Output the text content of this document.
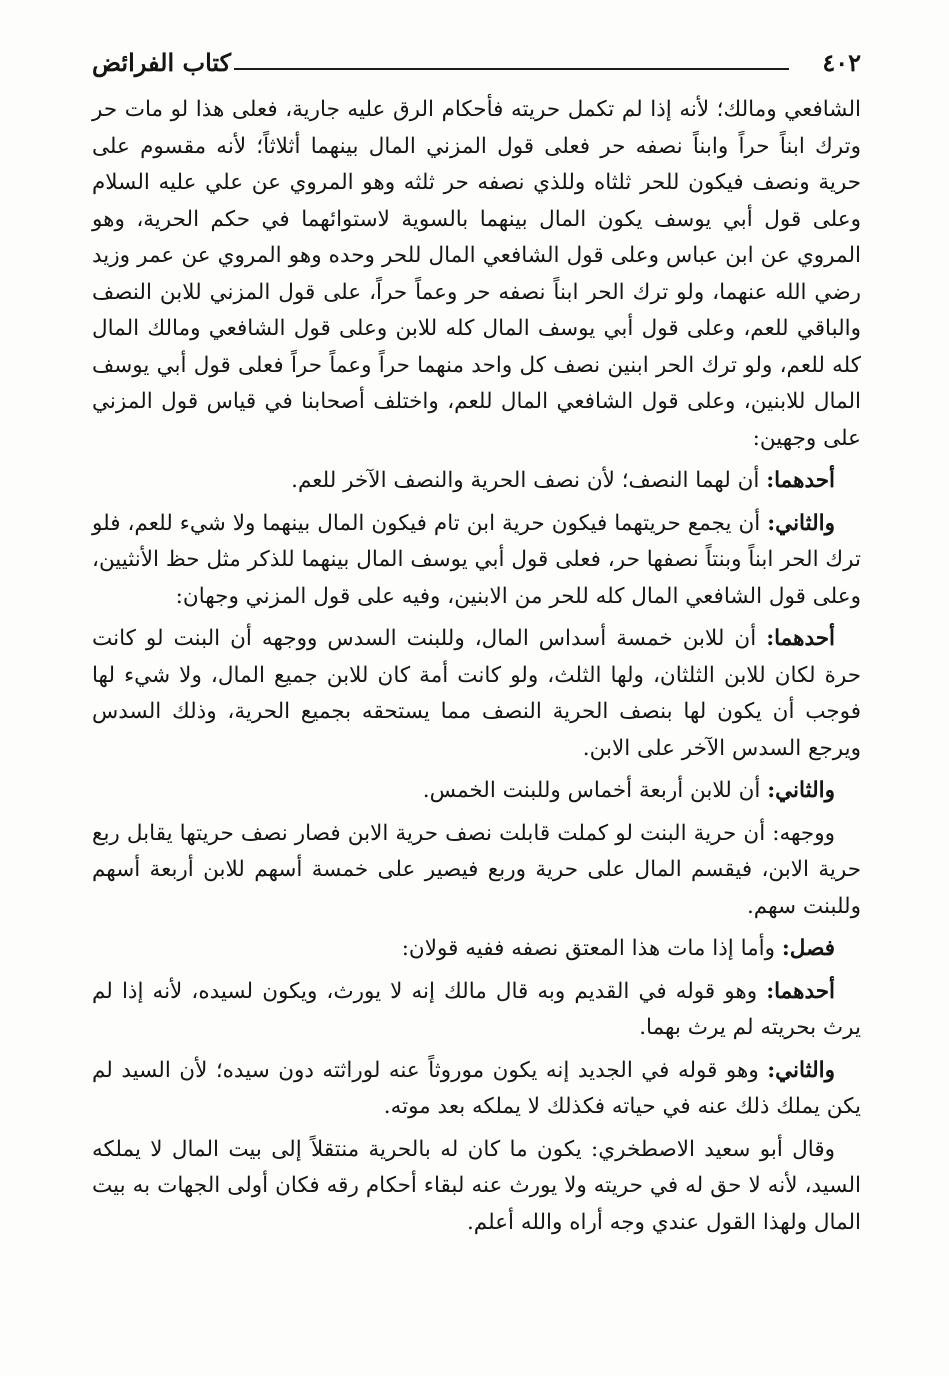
٤٠٢
كتاب الفرائض

الشافعي ومالك؛ لأنه إذا لم تكمل حريته فأحكام الرق عليه جارية، فعلى هذا لو مات حر وترك ابناً حراً وابناً نصفه حر فعلى قول المزني المال بينهما أثلاثاً؛ لأنه مقسوم على حرية ونصف فيكون للحر ثلثاه وللذي نصفه حر ثلثه وهو المروي عن علي عليه السلام وعلى قول أبي يوسف يكون المال بينهما بالسوية لاستوائهما في حكم الحرية، وهو المروي عن ابن عباس وعلى قول الشافعي المال للحر وحده وهو المروي عن عمر وزيد رضي الله عنهما، ولو ترك الحر ابناً نصفه حر وعماً حراً، على قول المزني للابن النصف والباقي للعم، وعلى قول أبي يوسف المال كله للابن وعلى قول الشافعي ومالك المال كله للعم، ولو ترك الحر ابنين نصف كل واحد منهما حراً وعماً حراً فعلى قول أبي يوسف المال للابنين، وعلى قول الشافعي المال للعم، واختلف أصحابنا في قياس قول المزني على وجهين:

أحدهما: أن لهما النصف؛ لأن نصف الحرية والنصف الآخر للعم.

والثاني: أن يجمع حريتهما فيكون حرية ابن تام فيكون المال بينهما ولا شيء للعم، فلو ترك الحر ابناً وبنتاً نصفها حر، فعلى قول أبي يوسف المال بينهما للذكر مثل حظ الأنثيين، وعلى قول الشافعي المال كله للحر من الابنين، وفيه على قول المزني وجهان:

أحدهما: أن للابن خمسة أسداس المال، وللبنت السدس ووجهه أن البنت لو كانت حرة لكان للابن الثلثان، ولها الثلث، ولو كانت أمة كان للابن جميع المال، ولا شيء لها فوجب أن يكون لها بنصف الحرية النصف مما يستحقه بجميع الحرية، وذلك السدس ويرجع السدس الآخر على الابن.

والثاني: أن للابن أربعة أخماس وللبنت الخمس.

ووجهه: أن حرية البنت لو كملت قابلت نصف حرية الابن فصار نصف حريتها يقابل ربع حرية الابن، فيقسم المال على حرية وربع فيصير على خمسة أسهم للابن أربعة أسهم وللبنت سهم.

فصل: وأما إذا مات هذا المعتق نصفه ففيه قولان:

أحدهما: وهو قوله في القديم وبه قال مالك إنه لا يورث، ويكون لسيده، لأنه إذا لم يرث بحريته لم يرث بهما.

والثاني: وهو قوله في الجديد إنه يكون موروثاً عنه لوراثته دون سيده؛ لأن السيد لم يكن يملك ذلك عنه في حياته فكذلك لا يملكه بعد موته.

وقال أبو سعيد الاصطخري: يكون ما كان له بالحرية منتقلاً إلى بيت المال لا يملكه السيد، لأنه لا حق له في حريته ولا يورث عنه لبقاء أحكام رقه فكان أولى الجهات به بيت المال ولهذا القول عندي وجه أراه والله أعلم.
